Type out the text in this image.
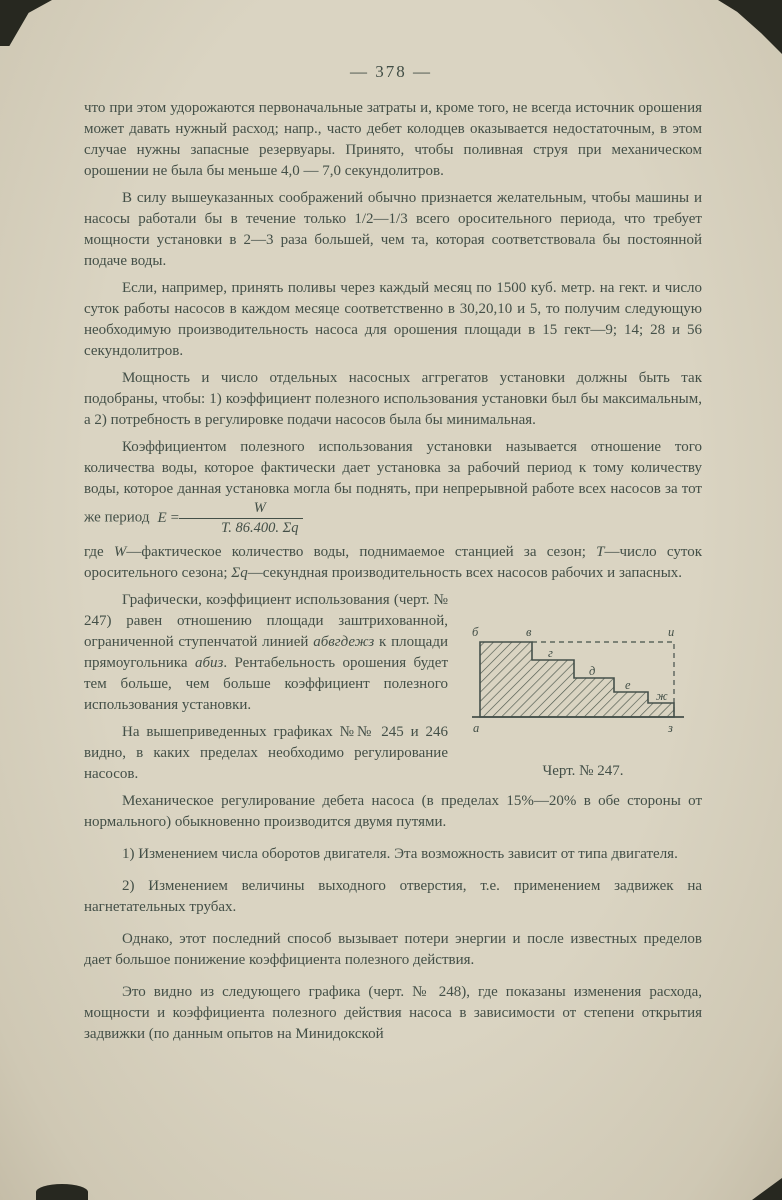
— 378 —

что при этом удорожаются первоначальные затраты и, кроме того, не всегда источник орошения может давать нужный расход; напр., часто дебет колодцев оказывается недостаточным, в этом случае нужны запасные резервуары. Принято, чтобы поливная струя при механическом орошении не была бы меньше 4,0 — 7,0 секундолитров.

В силу вышеуказанных соображений обычно признается желательным, чтобы машины и насосы работали бы в течение только 1/2—1/3 всего оросительного периода, что требует мощности установки в 2—3 раза большей, чем та, которая соответствовала бы постоянной подаче воды.

Если, например, принять поливы через каждый месяц по 1500 куб. метр. на гект. и число суток работы насосов в каждом месяце соответственно в 30,20,10 и 5, то получим следующую необходимую производительность насоса для орошения площади в 15 гект—9; 14; 28 и 56 секундолитров.

Мощность и число отдельных насосных аггрегатов установки должны быть так подобраны, чтобы: 1) коэффициент полезного использования установки был бы максимальным, а 2) потребность в регулировке подачи насосов была бы минимальная.

Коэффициентом полезного использования установки называется отношение того количества воды, которое фактически дает установка за рабочий период к тому количеству воды, которое данная установка могла бы поднять, при непрерывной работе всех насосов за тот же период $E = \frac{W}{Т. 86.400. \Sigma q}$

где W—фактическое количество воды, поднимаемое станцией за сезон; Т—число суток оросительного сезона; Σq—секундная производительность всех насосов рабочих и запасных.

б	в	и
а	з
г
д
е
ж
Черт. № 247.

Графически, коэффициент использования (черт. № 247) равен отношению площади заштрихованной, ограниченной ступенчатой линией абвгдежз к площади прямоугольника абиз. Рентабельность орошения будет тем больше, чем больше коэффициент полезного использования установки.

На вышеприведенных графиках №№ 245 и 246 видно, в каких пределах необходимо регулирование насосов.

Механическое регулирование дебета насоса (в пределах 15%—20% в обе стороны от нормального) обыкновенно производится двумя путями.

1) Изменением числа оборотов двигателя. Эта возможность зависит от типа двигателя.

2) Изменением величины выходного отверстия, т.е. применением задвижек на нагнетательных трубах.

Однако, этот последний способ вызывает потери энергии и после известных пределов дает большое понижение коэффициента полезного действия.

Это видно из следующего графика (черт. № 248), где показаны изменения расхода, мощности и коэффициента полезного действия насоса в зависимости от степени открытия задвижки (по данным опытов на Минидокской
